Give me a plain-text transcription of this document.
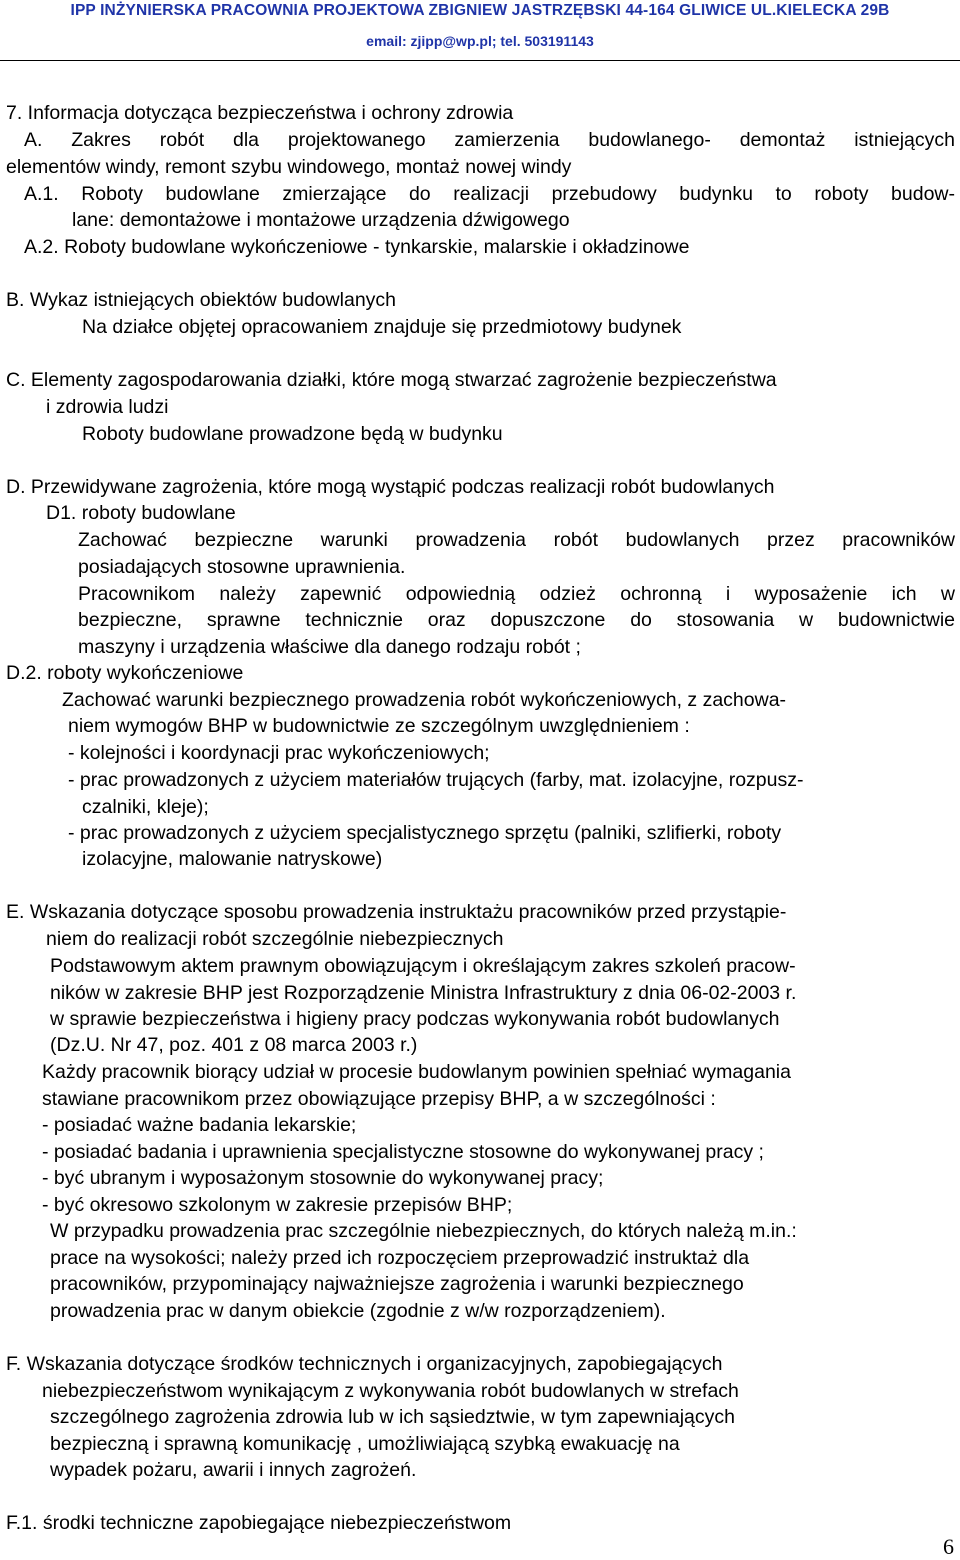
IPP INŻYNIERSKA PRACOWNIA PROJEKTOWA ZBIGNIEW JASTRZĘBSKI 44-164 GLIWICE UL.KIELECKA 29B
email: zjipp@wp.pl; tel. 503191143
7. Informacja dotycząca bezpieczeństwa i ochrony zdrowia
A. Zakres robót dla projektowanego zamierzenia budowlanego- demontaż istniejących
elementów windy, remont szybu windowego, montaż nowej windy
A.1. Roboty budowlane zmierzające do realizacji przebudowy budynku to roboty budow-
lane: demontażowe i montażowe urządzenia dźwigowego
A.2. Roboty budowlane wykończeniowe - tynkarskie, malarskie i okładzinowe
B. Wykaz istniejących obiektów budowlanych
Na działce objętej opracowaniem znajduje się przedmiotowy budynek
C. Elementy zagospodarowania działki, które mogą stwarzać zagrożenie bezpieczeństwa
i zdrowia ludzi
Roboty budowlane prowadzone będą w budynku
D. Przewidywane zagrożenia, które mogą wystąpić podczas realizacji robót budowlanych
D1. roboty budowlane
Zachować bezpieczne warunki prowadzenia robót budowlanych przez pracowników
posiadających stosowne uprawnienia.
Pracownikom należy zapewnić odpowiednią odzież ochronną i wyposażenie ich w
bezpieczne, sprawne technicznie oraz dopuszczone do stosowania w budownictwie
maszyny i urządzenia właściwe dla danego rodzaju robót ;
D.2. roboty wykończeniowe
Zachować warunki bezpiecznego prowadzenia robót wykończeniowych, z zachowa-
niem wymogów BHP w budownictwie ze szczególnym uwzględnieniem :
- kolejności i koordynacji prac wykończeniowych;
- prac prowadzonych z użyciem materiałów trujących (farby, mat. izolacyjne, rozpusz-
czalniki, kleje);
- prac prowadzonych z użyciem specjalistycznego sprzętu (palniki, szlifierki, roboty
izolacyjne, malowanie natryskowe)
E. Wskazania dotyczące sposobu prowadzenia instruktażu pracowników przed przystąpie-
niem do realizacji robót szczególnie niebezpiecznych
Podstawowym aktem prawnym obowiązującym i określającym zakres szkoleń pracow-
ników w zakresie BHP jest Rozporządzenie Ministra Infrastruktury z dnia 06-02-2003 r.
w sprawie bezpieczeństwa i higieny pracy podczas wykonywania robót budowlanych
(Dz.U. Nr 47, poz. 401 z 08 marca 2003 r.)
Każdy pracownik biorący udział w procesie budowlanym powinien spełniać wymagania
stawiane pracownikom przez obowiązujące przepisy BHP, a w szczególności :
- posiadać ważne badania lekarskie;
- posiadać badania i uprawnienia specjalistyczne stosowne do wykonywanej pracy ;
- być ubranym i wyposażonym stosownie do wykonywanej pracy;
- być okresowo szkolonym w zakresie przepisów BHP;
W przypadku prowadzenia prac szczególnie niebezpiecznych, do których należą m.in.:
prace na wysokości; należy przed ich rozpoczęciem przeprowadzić instruktaż dla
pracowników, przypominający najważniejsze zagrożenia i warunki bezpiecznego
prowadzenia prac w danym obiekcie (zgodnie z w/w rozporządzeniem).
F. Wskazania dotyczące środków technicznych i organizacyjnych, zapobiegających
niebezpieczeństwom wynikającym z wykonywania robót budowlanych w strefach
szczególnego zagrożenia zdrowia lub w ich sąsiedztwie, w tym zapewniających
bezpieczną i sprawną komunikację , umożliwiającą szybką ewakuację na
wypadek pożaru, awarii i innych zagrożeń.
F.1. środki techniczne zapobiegające niebezpieczeństwom
6
